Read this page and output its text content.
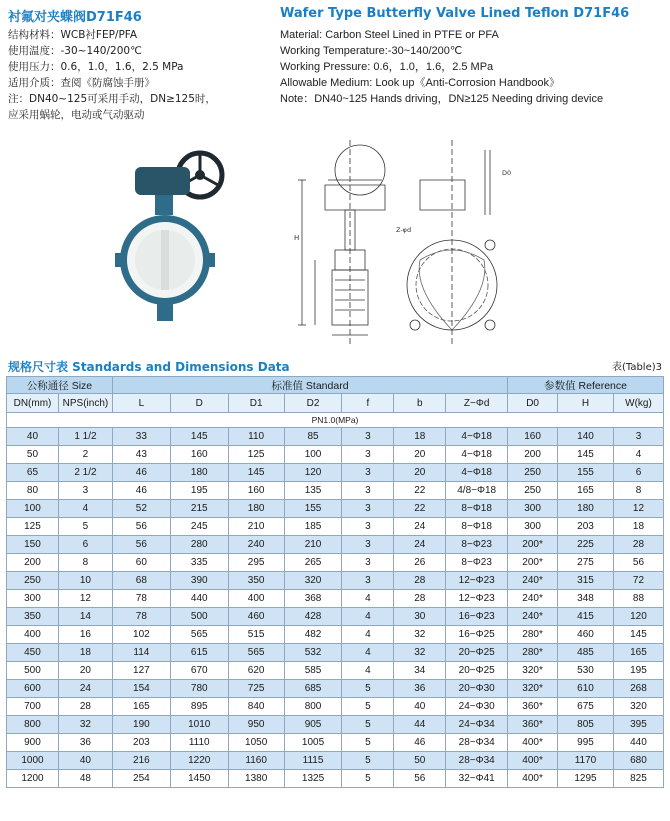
衬氟对夹蝶阀D71F46
结构材料：WCB衬FEP/PFA
使用温度：-30~140/200℃
使用压力：0.6，1.0，1.6，2.5 MPa
适用介质：查阅《防腐蚀手册》
注：DN40~125可采用手动，DN≥125时，
应采用蜗轮，电动或气动驱动
Wafer Type Butterfly Valve Lined Teflon D71F46
Material: Carbon Steel Lined in PTFE or PFA
Working Temperature:-30~140/200℃
Working Pressure: 0.6，1.0，1.6，2.5 MPa
Allowable Medium: Look up《Anti-Corrosion Handbook》
Note：DN40~125 Hands driving，DN≥125 Needing driving device
H
Z-φd
D0
规格尺寸表 Standards and Dimensions Data	表(Table)3
公称通径 Size		标准值 Standard							参数值 Reference		
DN(mm)	NPS(inch)	L	D	D1	D2	f	b	Z−Φd	D0	H	W(kg)
PN1.0(MPa)											
40	1 1/2	33	145	110	85	3	18	4−Φ18	160	140	3
50	2	43	160	125	100	3	20	4−Φ18	200	145	4
65	2 1/2	46	180	145	120	3	20	4−Φ18	250	155	6
80	3	46	195	160	135	3	22	4/8−Φ18	250	165	8
100	4	52	215	180	155	3	22	8−Φ18	300	180	12
125	5	56	245	210	185	3	24	8−Φ18	300	203	18
150	6	56	280	240	210	3	24	8−Φ23	200*	225	28
200	8	60	335	295	265	3	26	8−Φ23	200*	275	56
250	10	68	390	350	320	3	28	12−Φ23	240*	315	72
300	12	78	440	400	368	4	28	12−Φ23	240*	348	88
350	14	78	500	460	428	4	30	16−Φ23	240*	415	120
400	16	102	565	515	482	4	32	16−Φ25	280*	460	145
450	18	114	615	565	532	4	32	20−Φ25	280*	485	165
500	20	127	670	620	585	4	34	20−Φ25	320*	530	195
600	24	154	780	725	685	5	36	20−Φ30	320*	610	268
700	28	165	895	840	800	5	40	24−Φ30	360*	675	320
800	32	190	1010	950	905	5	44	24−Φ34	360*	805	395
900	36	203	1110	1050	1005	5	46	28−Φ34	400*	995	440
1000	40	216	1220	1160	1115	5	50	28−Φ34	400*	1170	680
1200	48	254	1450	1380	1325	5	56	32−Φ41	400*	1295	825
